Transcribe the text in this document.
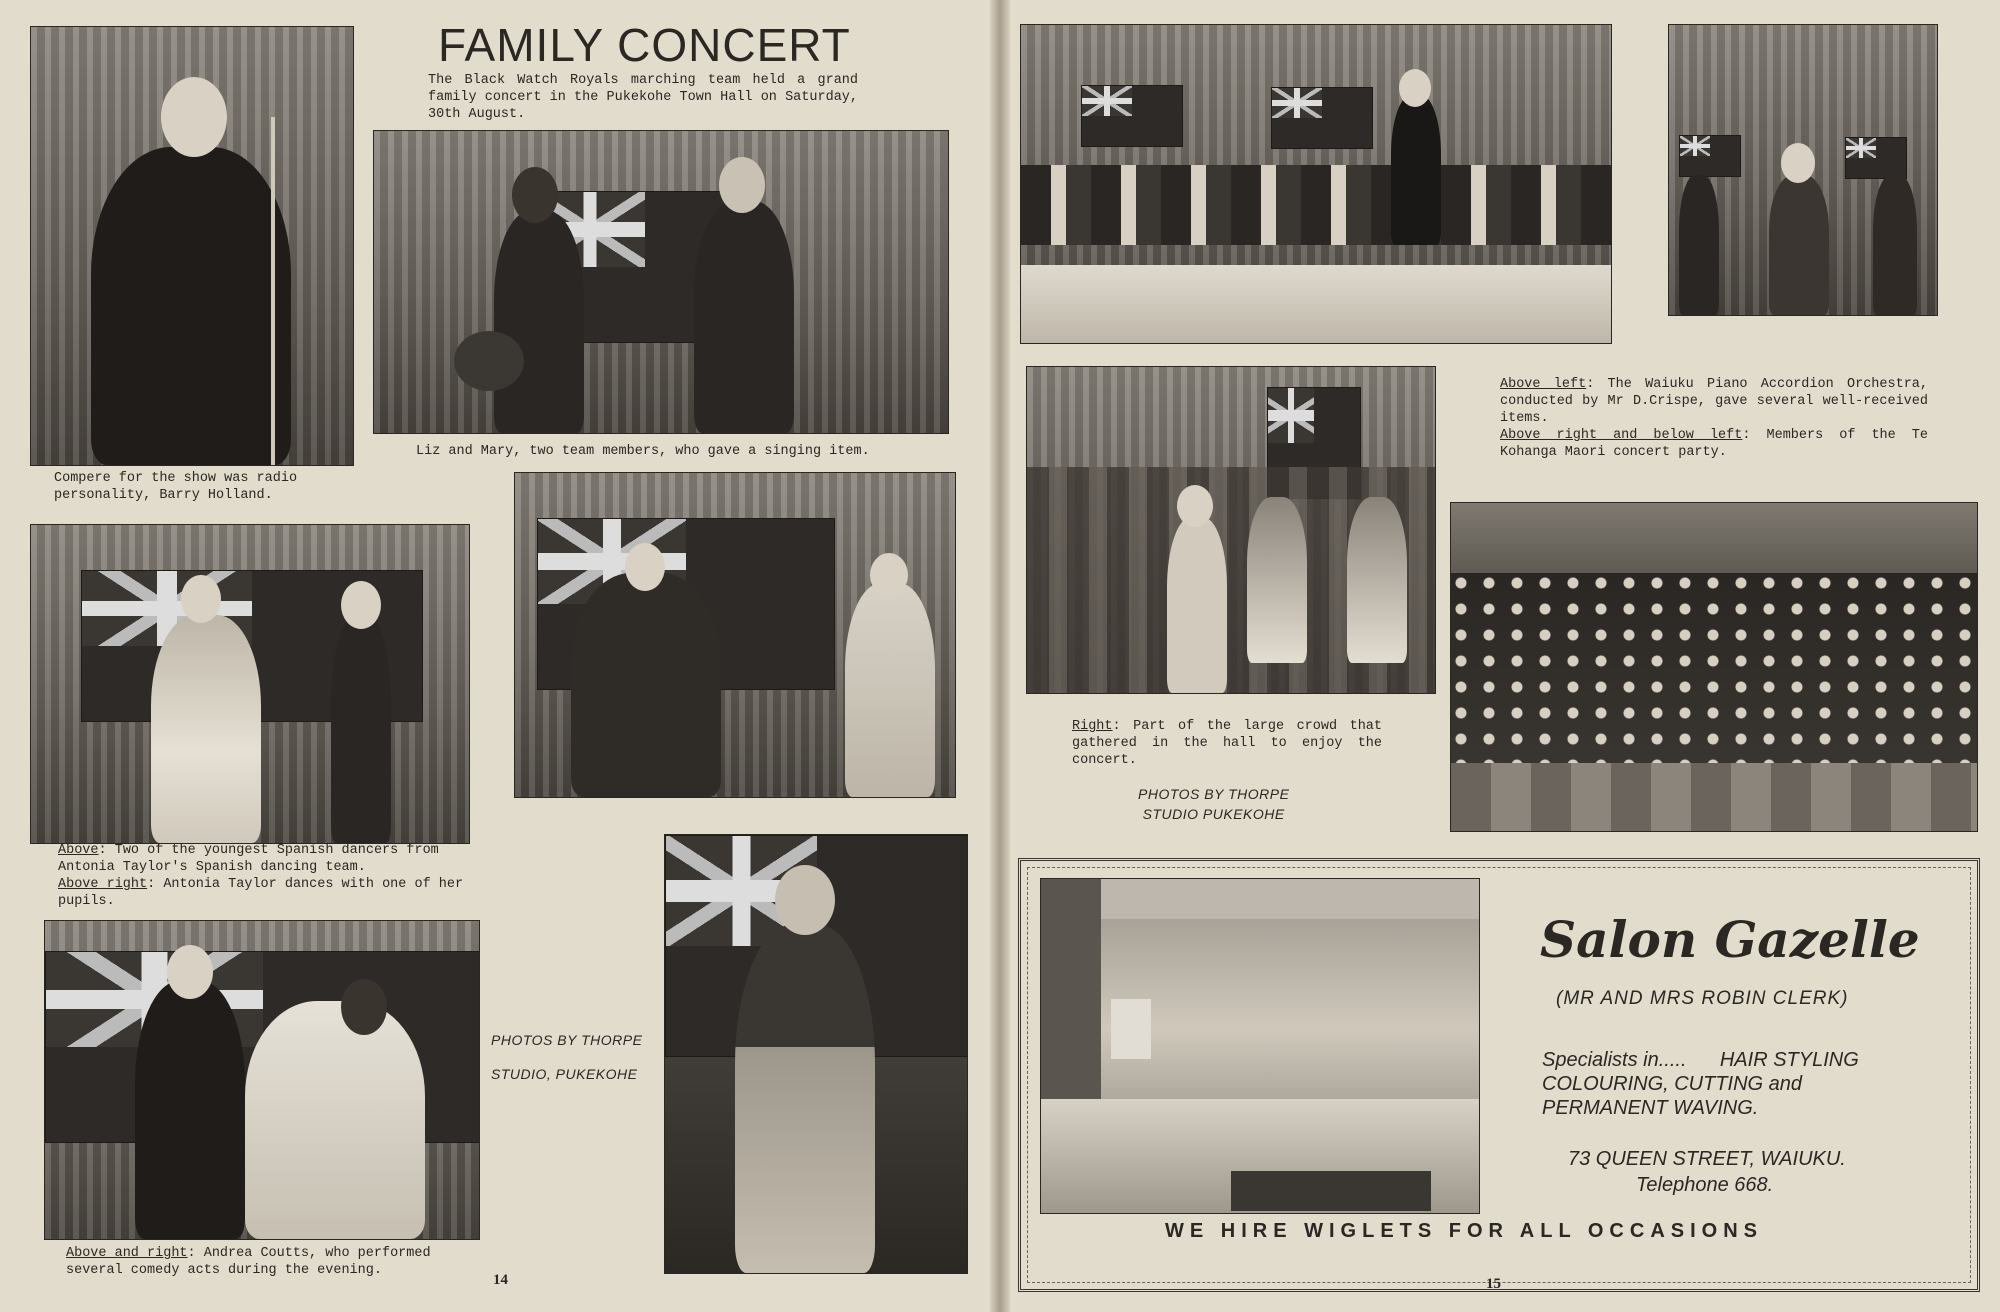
FAMILY CONCERT
The Black Watch Royals marching team held a grand family concert in the Pukekohe Town Hall on Saturday, 30th August.
Compere for the show was radio personality, Barry Holland.
Liz and Mary, two team members, who gave a singing item.
Above: Two of the youngest Spanish dancers from Antonia Taylor's Spanish dancing team.
Above right: Antonia Taylor dances with one of her pupils.
Above and right: Andrea Coutts, who performed several comedy acts during the evening.
PHOTOS BY THORPE
STUDIO, PUKEKOHE
14
Above left: The Waiuku Piano Accordion Orchestra, conducted by Mr D.Crispe, gave several well-received items.
Above right and below left: Members of the Te Kohanga Maori concert party.
Right: Part of the large crowd that gathered in the hall to enjoy the concert.
PHOTOS BY THORPE
STUDIO PUKEKOHE
Salon Gazelle
(MR AND MRS ROBIN CLERK)
Specialists in..... HAIR STYLING
COLOURING, CUTTING and
PERMANENT WAVING.
73 QUEEN STREET, WAIUKU.
Telephone 668.
WE HIRE WIGLETS FOR ALL OCCASIONS
15
